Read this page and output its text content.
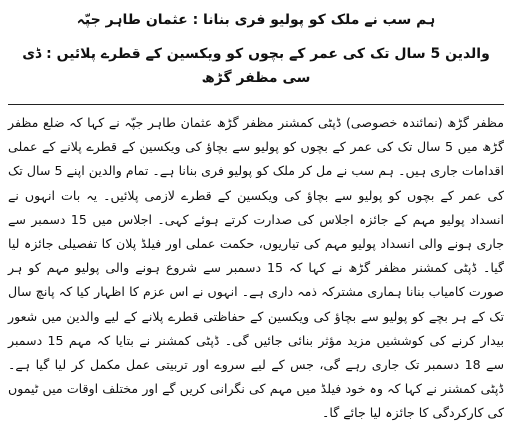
ہم سب نے ملک کو پولیو فری بنانا : عثمان طاہر جپّہ
والدین 5 سال تک کی عمر کے بچوں کو ویکسین کے قطرے پلائیں : ڈی سی مظفر گڑھ

مظفر گڑھ (نمائندہ خصوصی) ڈپٹی کمشنر مظفر گڑھ عثمان طاہر جپّہ نے کہا کہ ضلع مظفر گڑھ میں 5 سال تک کی عمر کے بچوں کو پولیو سے بچاؤ کی ویکسین کے قطرے پلانے کے عملی اقدامات جاری ہیں۔ ہم سب نے مل کر ملک کو پولیو فری بنانا ہے۔ تمام والدین اپنے 5 سال تک کی عمر کے بچوں کو پولیو سے بچاؤ کی ویکسین کے قطرے لازمی پلائیں۔ یہ بات انہوں نے انسداد پولیو مہم کے جائزہ اجلاس کی صدارت کرتے ہوئے کہی۔ اجلاس میں 15 دسمبر سے جاری ہونے والی انسداد پولیو مہم کی تیاریوں، حکمت عملی اور فیلڈ پلان کا تفصیلی جائزہ لیا گیا۔ ڈپٹی کمشنر مظفر گڑھ نے کہا کہ 15 دسمبر سے شروع ہونے والی پولیو مہم کو ہر صورت کامیاب بنانا ہماری مشترکہ ذمہ داری ہے۔ انہوں نے اس عزم کا اظہار کیا کہ پانچ سال تک کے ہر بچے کو پولیو سے بچاؤ کی ویکسین کے حفاظتی قطرے پلانے کے لیے والدین میں شعور بیدار کرنے کی کوششیں مزید مؤثر بنائی جائیں گی۔ ڈپٹی کمشنر نے بتایا کہ مہم 15 دسمبر سے 18 دسمبر تک جاری رہے گی، جس کے لیے سروے اور تربیتی عمل مکمل کر لیا گیا ہے۔ ڈپٹی کمشنر نے کہا کہ وہ خود فیلڈ میں مہم کی نگرانی کریں گے اور مختلف اوقات میں ٹیموں کی کارکردگی کا جائزہ لیا جائے گا۔
